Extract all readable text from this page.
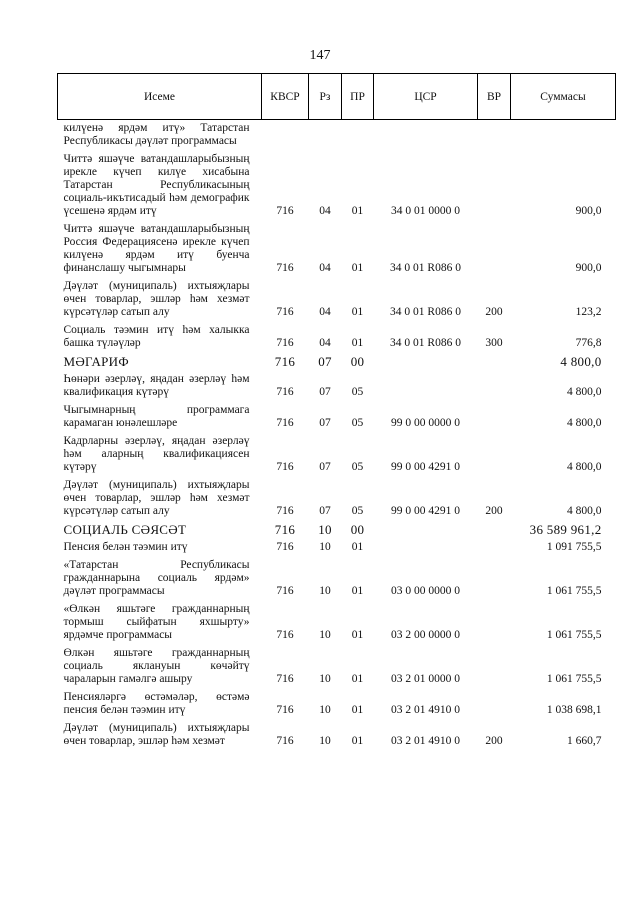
147
Исеме	КВСР	Рз	ПР	ЦСР	ВР	Суммасы
килүенә ярдәм итү» Татарстан Республикасы дәүләт программасы						
Читтә яшәүче ватандашларыбызның ирекле күчеп килүе хисабына Татарстан Республикасының социаль-икътисадый һәм демографик үсешенә ярдәм итү	716	04	01	34 0 01 0000 0		900,0
Читтә яшәүче ватандашларыбызның Россия Федерациясенә ирекле күчеп килүенә ярдәм итү буенча финанслашу чыгымнары	716	04	01	34 0 01 R086 0		900,0
Дәүләт (муниципаль) ихтыяҗлары өчен товарлар, эшләр һәм хезмәт күрсәтүләр сатып алу	716	04	01	34 0 01 R086 0	200	123,2
Социаль тәэмин итү һәм халыкка башка түләүләр	716	04	01	34 0 01 R086 0	300	776,8
МӘГАРИФ	716	07	00			4 800,0
Һөнәри әзерләү, яңадан әзерләү һәм квалификация күтәрү	716	07	05			4 800,0
Чыгымнарның программага карамаган юнәлешләре	716	07	05	99 0 00 0000 0		4 800,0
Кадрларны әзерләү, яңадан әзерләү һәм аларның квалификациясен күтәрү	716	07	05	99 0 00 4291 0		4 800,0
Дәүләт (муниципаль) ихтыяҗлары өчен товарлар, эшләр һәм хезмәт күрсәтүләр сатып алу	716	07	05	99 0 00 4291 0	200	4 800,0
СОЦИАЛЬ СӘЯСӘТ	716	10	00			36 589 961,2
Пенсия белән тәэмин итү	716	10	01			1 091 755,5
«Татарстан Республикасы гражданнарына социаль ярдәм» дәүләт программасы	716	10	01	03 0 00 0000 0		1 061 755,5
«Өлкән яшьтәге гражданнарның тормыш сыйфатын яхшырту» ярдәмче программасы	716	10	01	03 2 00 0000 0		1 061 755,5
Өлкән яшьтәге гражданнарның социаль яклануын көчәйтү чараларын гамәлгә ашыру	716	10	01	03 2 01 0000 0		1 061 755,5
Пенсияләргә өстәмәләр, өстәмә пенсия белән тәэмин итү	716	10	01	03 2 01 4910 0		1 038 698,1
Дәүләт (муниципаль) ихтыяҗлары өчен товарлар, эшләр һәм хезмәт	716	10	01	03 2 01 4910 0	200	1 660,7
